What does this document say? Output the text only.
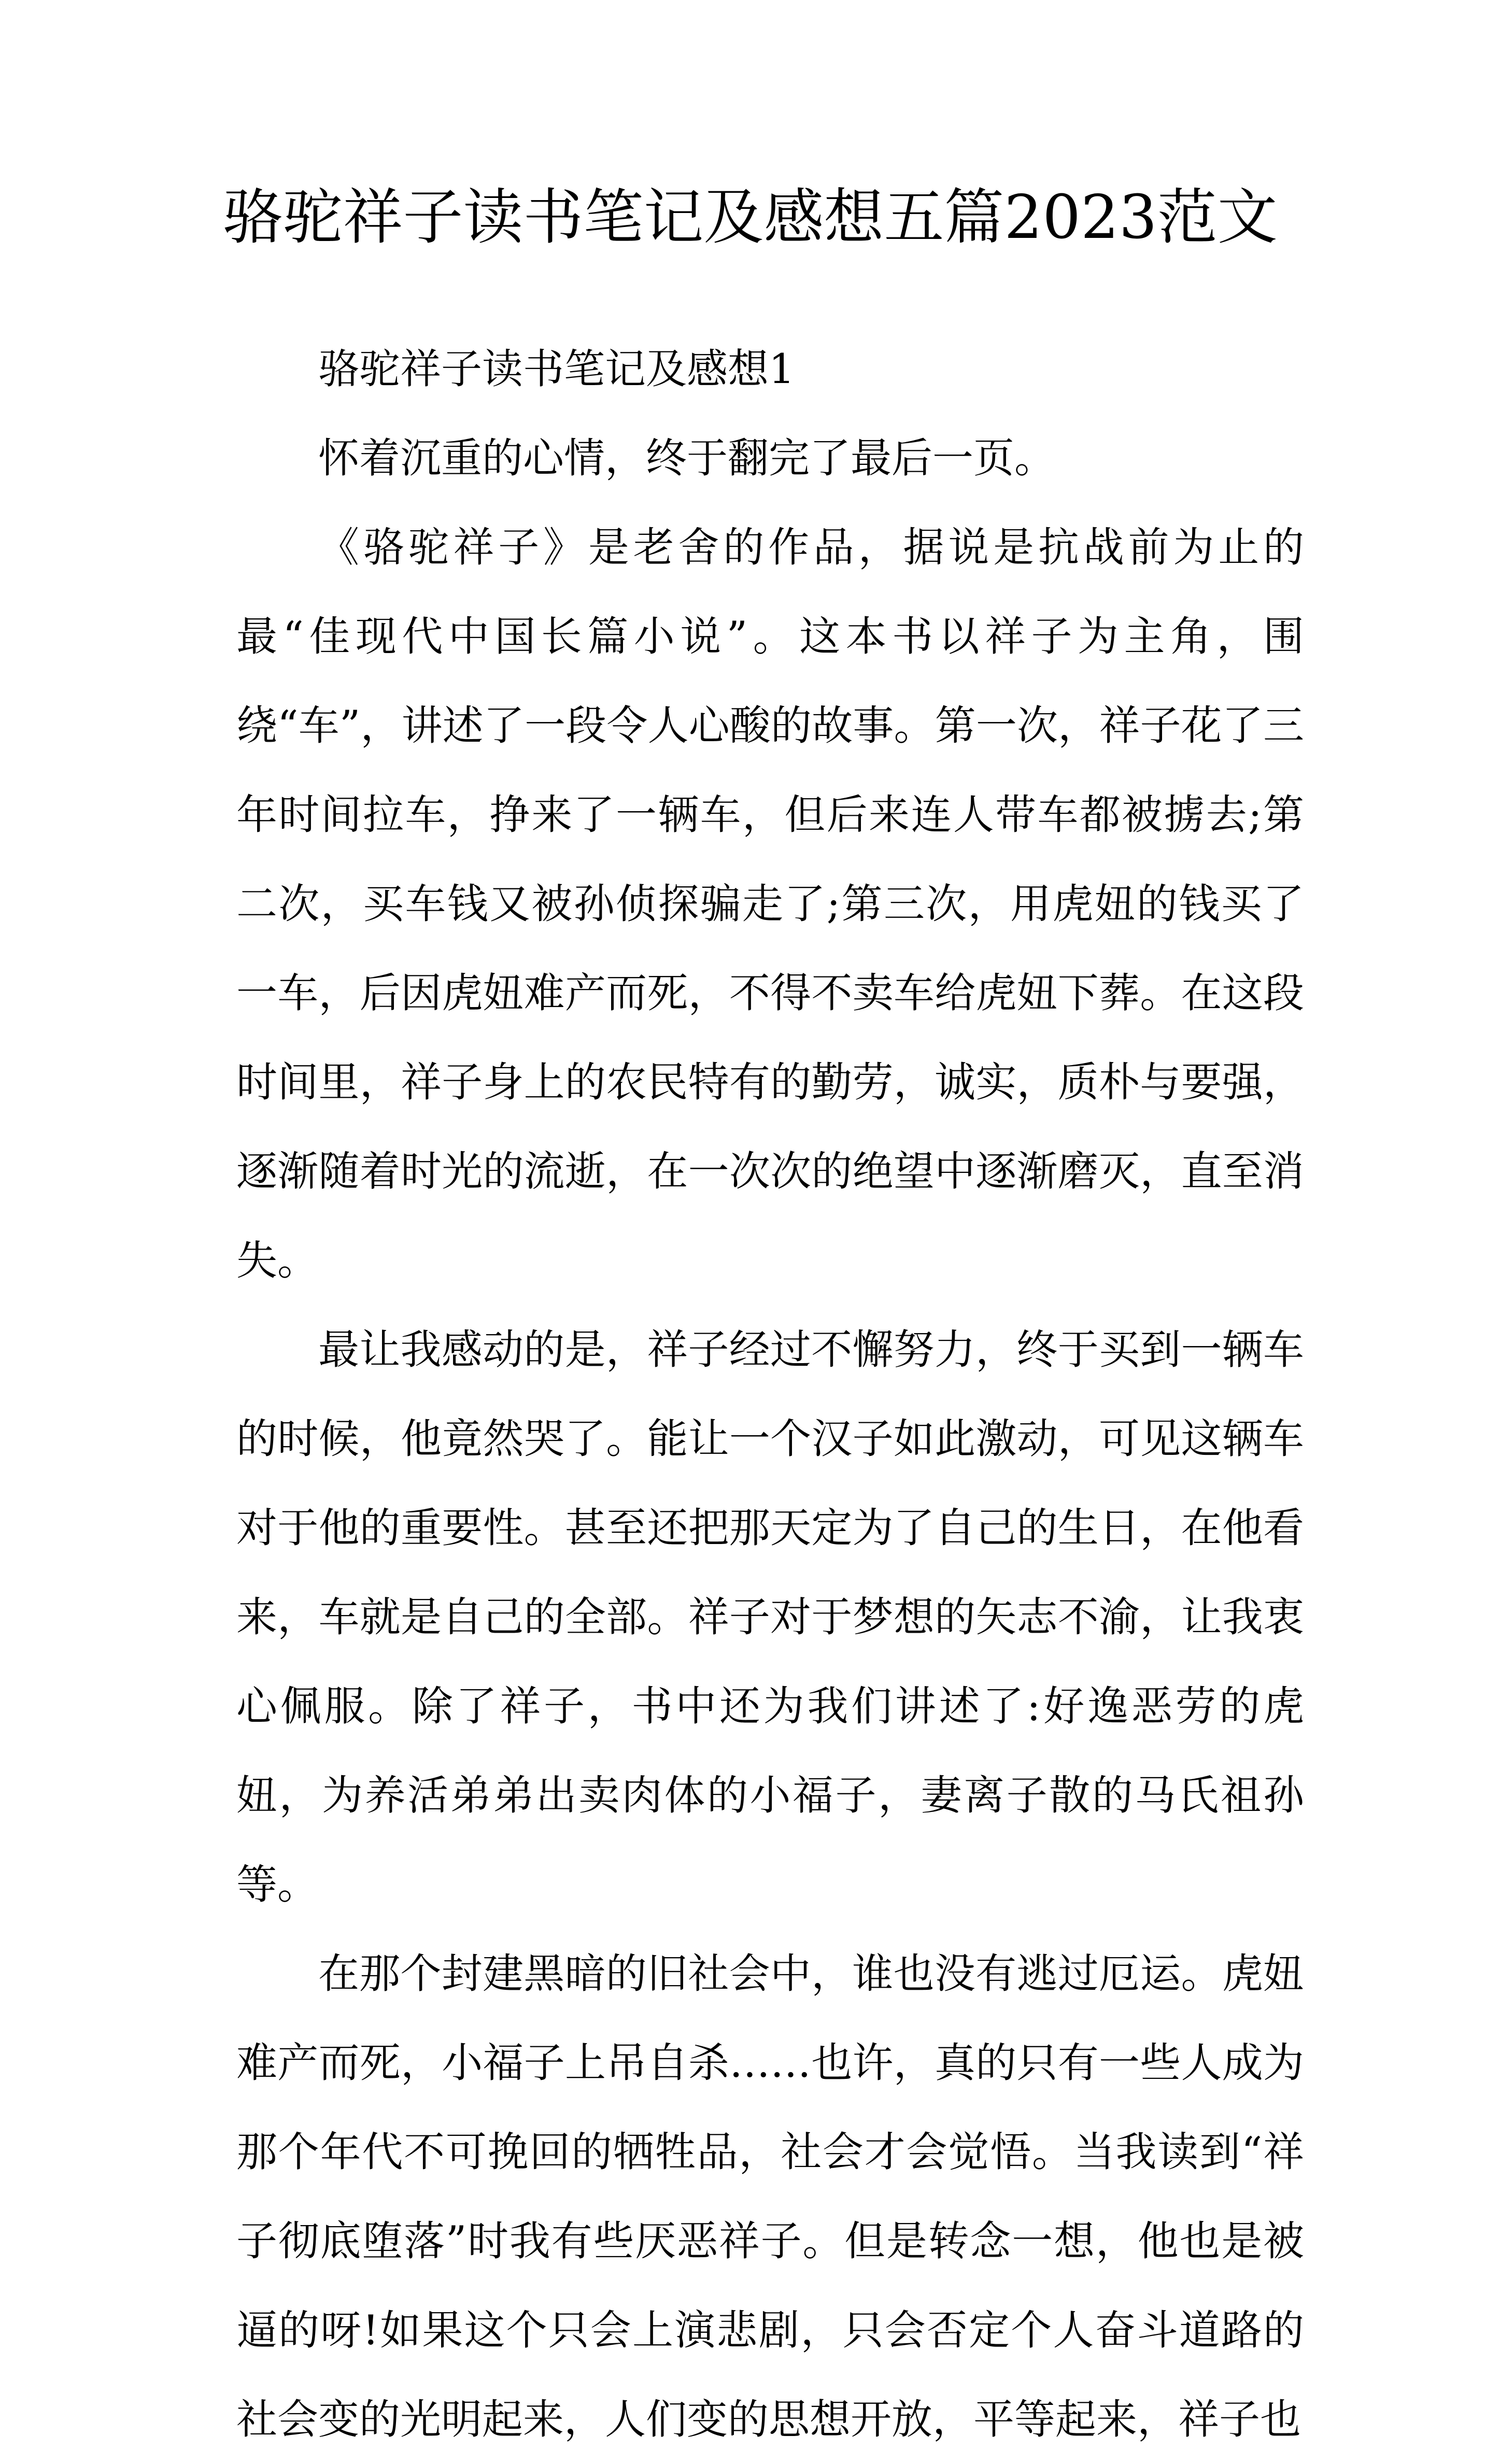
骆驼祥子读书笔记及感想五篇2023范文

骆驼祥子读书笔记及感想1

怀着沉重的心情，终于翻完了最后一页。

《骆驼祥子》是老舍的作品，据说是抗战前为止的最“佳现代中国长篇小说”。这本书以祥子为主角，围绕“车”，讲述了一段令人心酸的故事。第一次，祥子花了三年时间拉车，挣来了一辆车，但后来连人带车都被掳去;第二次，买车钱又被孙侦探骗走了;第三次，用虎妞的钱买了一车，后因虎妞难产而死，不得不卖车给虎妞下葬。在这段时间里，祥子身上的农民特有的勤劳，诚实，质朴与要强，逐渐随着时光的流逝，在一次次的绝望中逐渐磨灭，直至消失。

最让我感动的是，祥子经过不懈努力，终于买到一辆车的时候，他竟然哭了。能让一个汉子如此激动，可见这辆车对于他的重要性。甚至还把那天定为了自己的生日，在他看来，车就是自己的全部。祥子对于梦想的矢志不渝，让我衷心佩服。除了祥子，书中还为我们讲述了:好逸恶劳的虎妞，为养活弟弟出卖肉体的小福子，妻离子散的马氏祖孙等。

在那个封建黑暗的旧社会中，谁也没有逃过厄运。虎妞难产而死，小福子上吊自杀……也许，真的只有一些人成为那个年代不可挽回的牺牲品，社会才会觉悟。当我读到“祥子彻底堕落”时我有些厌恶祥子。但是转念一想，他也是被逼的呀!如果这个只会上演悲剧，只会否定个人奋斗道路的社会变的光明起来，人们变的思想开放，平等起来，祥子也
